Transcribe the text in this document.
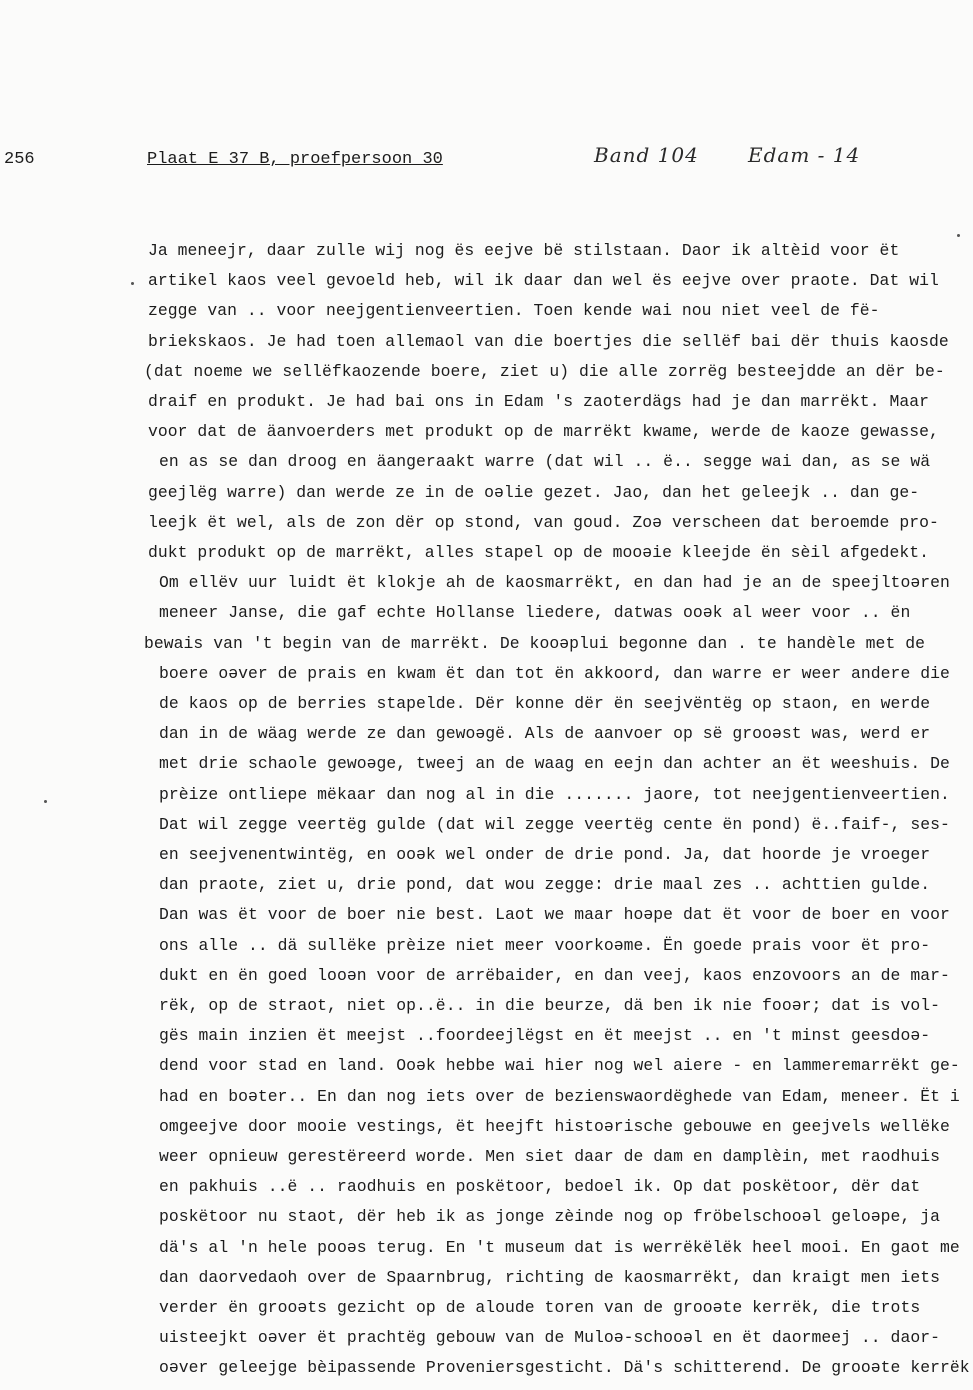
256	Plaat E 37 B, proefpersoon 30	Band 104 Edam - 14
Ja meneejr, daar zulle wij nog ës eejve bë stilstaan. Daor ik altèid voor ët
artikel kaos veel gevoeld heb, wil ik daar dan wel ës eejve over praote. Dat wil
zegge van .. voor neejgentienveertien. Toen kende wai nou niet veel de fë-
briekskaos. Je had toen allemaol van die boertjes die sellëf bai dër thuis kaosde
(dat noeme we sellëfkaozende boere, ziet u) die alle zorrëg besteejdde an dër be-
draif en produkt. Je had bai ons in Edam 's zaoterdägs had je dan marrëkt. Maar
voor dat de äanvoerders met produkt op de marrëkt kwame, werde de kaoze gewasse,
en as se dan droog en äangeraakt warre (dat wil .. ë.. segge wai dan, as se wä
geejlëg warre) dan werde ze in de oəlie gezet. Jao, dan het geleejk .. dan ge-
leejk ët wel, als de zon dër op stond, van goud. Zoə verscheen dat beroemde pro-
dukt produkt op de marrëkt, alles stapel op de mooəie kleejde ën sèil afgedekt.
Om ellëv uur luidt ët klokje ah de kaosmarrëkt, en dan had je an de speejltoəren
meneer Janse, die gaf echte Hollanse liedere, datwas ooək al weer voor .. ën
bewais van 't begin van de marrëkt. De kooəplui begonne dan . te handèle met de
boere oəver de prais en kwam ët dan tot ën akkoord, dan warre er weer andere die
de kaos op de berries stapelde. Dër konne dër ën seejvëntëg op staon, en werde
dan in de wäag werde ze dan gewoəgë. Als de aanvoer op së grooəst was, werd er
met drie schaole gewoəge, tweej an de waag en eejn dan achter an ët weeshuis. De
prèize ontliepe mëkaar dan nog al in die ....... jaore, tot neejgentienveertien.
Dat wil zegge veertëg gulde (dat wil zegge veertëg cente ën pond) ë..faif-, ses-
en seejvenentwintëg, en ooək wel onder de drie pond. Ja, dat hoorde je vroeger
dan praote, ziet u, drie pond, dat wou zegge: drie maal zes .. achttien gulde.
Dan was ët voor de boer nie best. Laot we maar hoəpe dat ët voor de boer en voor
ons alle .. dä sullëke prèize niet meer voorkoəme. Ën goede prais voor ët pro-
dukt en ën goed looən voor de arrëbaider, en dan veej, kaos enzovoors an de mar-
rëk, op de straot, niet op..ë.. in die beurze, dä ben ik nie fooər; dat is vol-
gës main inzien ët meejst ..foordeejlëgst en ët meejst .. en 't minst geesdoə-
dend voor stad en land. Ooək hebbe wai hier nog wel aiere - en lammeremarrëkt ge-
had en boəter.. En dan nog iets over de bezienswaordëghede van Edam, meneer. Ët i
omgeejve door mooie vestings, ët heejft histoərische gebouwe en geejvels wellëke
weer opnieuw gerestëreerd worde. Men siet daar de dam en damplèin, met raodhuis
en pakhuis ..ë .. raodhuis en poskëtoor, bedoel ik. Op dat poskëtoor, dër dat
poskëtoor nu staot, dër heb ik as jonge zèinde nog op fröbelschooəl geloəpe, ja
dä's al 'n hele pooəs terug. En 't museum dat is werrëkëlëk heel mooi. En gaot me
dan daorvedaoh over de Spaarnbrug, richting de kaosmarrëkt, dan kraigt men iets
verder ën grooəts gezicht op de aloude toren van de grooəte kerrëk, die trots
uisteejkt oəver ët prachtëg gebouw van de Muloə-schooəl en ët daormeej .. daor-
oəver geleejge bèipassende Proveniersgesticht. Dä's schitterend. De grooəte kerrëk
